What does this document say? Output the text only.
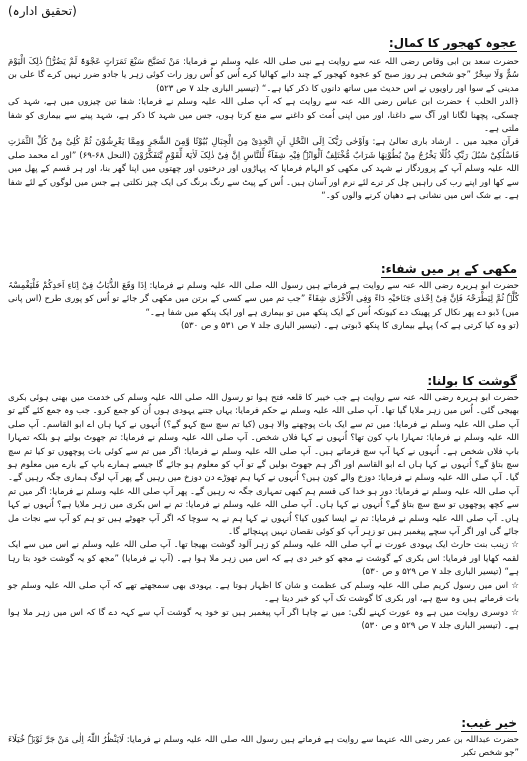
(تحقیق ادارہ)
عجوہ کھجور کا کمال:

حضرت سعد بن ابی وقاص رضی اللہ عنہ سے روایت ہے نبی صلی اللہ علیہ وسلم نے فرمایا: مَنْ تَصَبَّحَ سَبْعَ تَمَرَاتٍ عَجْوَۃً لَمْ یَضُرُّہٗ ذٰلِکَ الْیَوْمَ سُمٌّ وَلَا سِحْرٌ ”جو شخص ہر روز صبح کو عجوہ کھجور کے چند دانے کھالیا کرے اُس کو اُس روز رات کوئی زہر یا جادو ضرر نہیں کرے گا علی بن مدینی کے سوا اور راویوں نے اس حدیث میں ساتھ دانوں کا ذکر کیا ہے۔“ (تیسیر الباری جلد ۷ ص ۵۲۳)

﴿الدر الحلب ﴾ حضرت ابن عباس رضی اللہ عنہ سے روایت ہے کہ آپ صلی اللہ علیہ وسلم نے فرمایا: شفا تین چیزوں میں ہے، شہد کی چسکی، پچھنا لگانا اور آگ سے داغنا، اور میں اپنی اُمت کو داغنے سے منع کرتا ہوں، جس میں شہد کا ذکر ہے، شہد پینے سے بیماری کو شفا ملتی ہے۔

قرآن مجید میں ۔ ارشاد باری تعالیٰ ہے: وَاَوْحٰی رَبُّکَ اِلَی النَّحْلِ اَنِ اتَّخِذِیْ مِنَ الْجِبَالِ بُیُوْتًا وَّمِنَ الشَّجَرِ وَمِمَّا یَعْرِشُوْنَ ثُمَّ کُلِیْ مِنْ کُلِّ الثَّمَرٰتِ فَاسْلُکِیْ سُبُلَ رَبِّکِ ذُلُلًا یَخْرُجُ مِنْ بُطُوْنِھَا شَرَابٌ مُّخْتَلِفٌ اَلْوَانُہٗ فِیْہِ شِفَآءٌ لِّلنَّاسِ اِنَّ فِیْ ذٰلِکَ لَاٰیَۃً لِّقَوْمٍ یَّتَفَکَّرُوْنَ (النحل ۶۸-۶۹) ”اور اے محمد صلی اللہ علیہ وسلم آپ کے پروردگار نے شہد کی مکھی کو الہام فرمایا کہ پہاڑوں اور درختوں اور چھتوں میں اپنا گھر بنا، اور ہر قسم کے پھل میں سے کھا اور اپنے رب کی راہیں چل کر ترے لئے نرم اور آسان ہیں۔ اُس کے پیٹ سے رنگ برنگ کی ایک چیز نکلتی ہے جس میں لوگوں کے لئے شفا ہے۔ بے شک اس میں نشانی ہے دھیان کرنے والوں کو۔“

مکھی کے پر میں شفاء:

حضرت ابو ہریرہ رضی اللہ عنہ سے روایت ہے فرماتے ہیں رسول اللہ صلی اللہ علیہ وسلم نے فرمایا: اِذَا وَقَعَ الذُّبَابُ فِیْ اِنَاءِ اَحَدِکُمْ فَلْیَغْمِسْہُ کُلَّہٗ ثُمَّ لِیَطْرَحْہُ فَاِنَّ فِیْ اِحْدٰی جَنَاحَیْہِ دَاءً وَفِی الْاُخْرٰی شِفَاءً ”جب تم میں سے کسی کے برتن میں مکھی گر جائے تو اُس کو پوری طرح (اس پانی میں) ڈبو دے پھر نکال کر پھینک دے کیونکہ اُس کے ایک پنکھ میں تو بیماری ہے اور ایک پنکھ میں شفا ہے۔“

(تو وہ کیا کرتی ہے کہ) پہلے بیماری کا پنکھ ڈبوتی ہے۔ (تیسیر الباری جلد ۷ ص ۵۳۱ و ص ۵۳۰)

گوشت کا بولنا:

حضرت ابو ہریرہ رضی اللہ عنہ سے روایت ہے جب خیبر کا قلعہ فتح ہوا تو رسول اللہ صلی اللہ علیہ وسلم کی خدمت میں بھنی ہوئی بکری بھیجی گئی۔ اُس میں زہر ملایا گیا تھا۔ آپ صلی اللہ علیہ وسلم نے حکم فرمایا: یہاں جتنے یہودی ہوں اُن کو جمع کرو۔ جب وہ جمع کئے گئے تو آپ صلی اللہ علیہ وسلم نے فرمایا: میں تم سے ایک بات پوچھنے والا ہوں (کیا تم سچ سچ کہو گے؟) اُنہوں نے کہا ہاں اے ابو القاسم۔ آپ صلی اللہ علیہ وسلم نے فرمایا: تمہارا باپ کون تھا؟ اُنہوں نے کہا فلاں شخص۔ آپ صلی اللہ علیہ وسلم نے فرمایا: تم جھوٹ بولتے ہو بلکہ تمہارا باپ فلاں شخص ہے۔ اُنہوں نے کہا آپ سچ فرماتے ہیں۔ آپ صلی اللہ علیہ وسلم نے فرمایا: اگر میں تم سے کوئی بات پوچھوں تو کیا تم سچ سچ بتاؤ گے؟ اُنہوں نے کہا ہاں اے ابو القاسم اور اگر ہم جھوٹ بولیں گے تو آپ کو معلوم ہو جائے گا جیسے ہمارے باپ کے بارے میں معلوم ہو گیا۔ آپ صلی اللہ علیہ وسلم نے فرمایا: دوزخ والے کون ہیں؟ اُنہوں نے کہا ہم تھوڑے دن دوزخ میں رہیں گے پھر آپ لوگ ہماری جگہ رہیں گے۔ آپ صلی اللہ علیہ وسلم نے فرمایا: دور ہو خدا کی قسم ہم کبھی تمہاری جگہ نہ رہیں گے۔ پھر آپ صلی اللہ علیہ وسلم نے فرمایا: اگر میں تم سے کچھ پوچھوں تو سچ سچ بتاؤ گے؟ اُنہوں نے کہا ہاں۔ آپ صلی اللہ علیہ وسلم نے فرمایا: تم نے اس بکری میں زہر ملایا ہے؟ اُنہوں نے کہا ہاں۔ آپ صلی اللہ علیہ وسلم نے فرمایا: تم نے ایسا کیوں کیا؟ اُنہوں نے کہا ہم نے یہ سوچا کہ اگر آپ جھوٹے ہیں تو ہم کو آپ سے نجات مل جائے گی اور اگر آپ سچے پیغمبر ہیں تو زہر آپ کو کوئی نقصان نہیں پہنچائے گا۔

☆ زینب بنت حارث ایک یہودی عورت نے آپ صلی اللہ علیہ وسلم کو زہر آلود گوشت بھیجا تھا۔ آپ صلی اللہ علیہ وسلم نے اس میں سے ایک لقمہ کھایا اور فرمایا: اس بکری کے گوشت نے مجھ کو خبر دی ہے کہ اس میں زہر ملا ہوا ہے۔ (آپ نے فرمایا) ”مجھ کو یہ گوشت خود بتا رہا ہے“ (تیسیر الباری جلد ۷ ص ۵۲۹ و ص ۵۳۰)

☆ اس میں رسول کریم صلی اللہ علیہ وسلم کی عظمت و شان کا اظہار ہوتا ہے۔ یہودی بھی سمجھتے تھے کہ آپ صلی اللہ علیہ وسلم جو بات فرماتے ہیں وہ سچ ہے، اور بکری کا گوشت تک آپ کو خبر دیتا ہے۔

☆ دوسری روایت میں ہے وہ عورت کہنے لگی: میں نے چاہا اگر آپ پیغمبر ہیں تو خود یہ گوشت آپ سے کہہ دے گا کہ اس میں زہر ملا ہوا ہے۔ (تیسیر الباری جلد ۷ ص ۵۲۹ و ص ۵۳۰)

خیر غیب:

حضرت عبداللہ بن عمر رضی اللہ عنہما سے روایت ہے فرماتے ہیں رسول اللہ صلی اللہ علیہ وسلم نے فرمایا: لَایَنْظُرُ اللّٰہُ اِلٰی مَنْ جَرَّ ثَوْبَہٗ خُیَلَاءَ ”جو شخص تکبر
